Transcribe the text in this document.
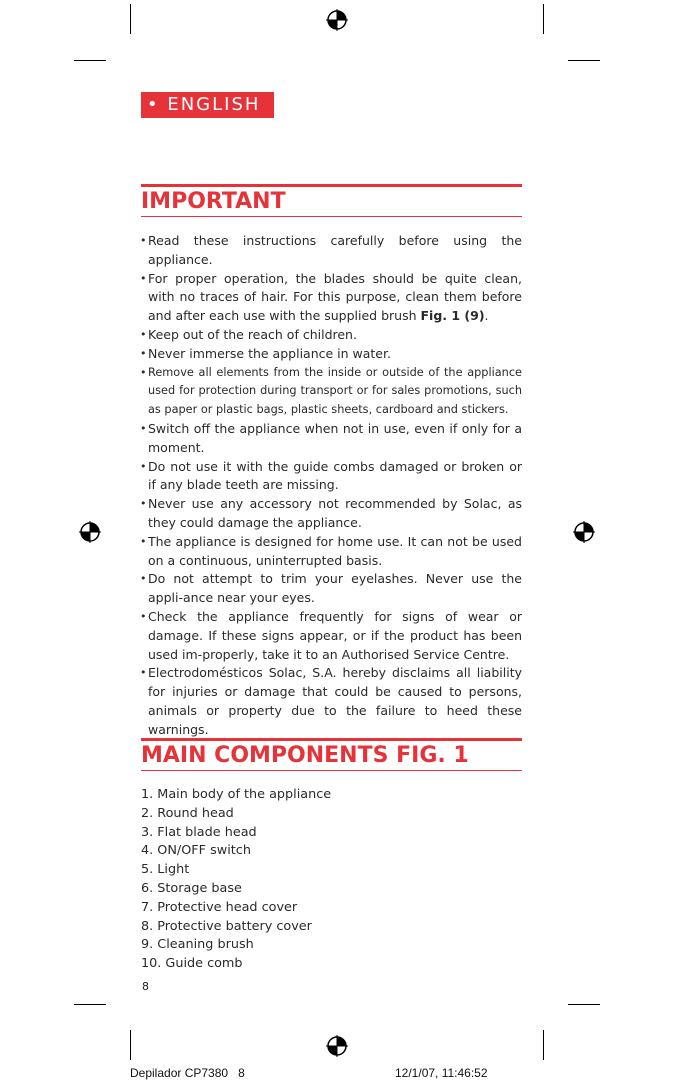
• ENGLISH
IMPORTANT
• Read these instructions carefully before using the appliance.
• For proper operation, the blades should be quite clean, with no traces of hair. For this purpose, clean them before and after each use with the supplied brush Fig. 1 (9).
• Keep out of the reach of children.
• Never immerse the appliance in water.
• Remove all elements from the inside or outside of the appliance used for protection during transport or for sales promotions, such as paper or plastic bags, plastic sheets, cardboard and stickers.
• Switch off the appliance when not in use, even if only for a moment.
• Do not use it with the guide combs damaged or broken or if any blade teeth are missing.
• Never use any accessory not recommended by Solac, as they could damage the appliance.
• The appliance is designed for home use. It can not be used on a continuous, uninterrupted basis.
• Do not attempt to trim your eyelashes. Never use the appli-ance near your eyes.
• Check the appliance frequently for signs of wear or damage. If these signs appear, or if the product has been used im-properly, take it to an Authorised Service Centre.
• Electrodomésticos Solac, S.A. hereby disclaims all liability for injuries or damage that could be caused to persons, animals or property due to the failure to heed these warnings.
MAIN COMPONENTS FIG. 1
1. Main body of the appliance
2. Round head
3. Flat blade head
4. ON/OFF switch
5. Light
6. Storage base
7. Protective head cover
8. Protective battery cover
9. Cleaning brush
10. Guide comb
8
Depilador CP7380   8	12/1/07, 11:46:52
